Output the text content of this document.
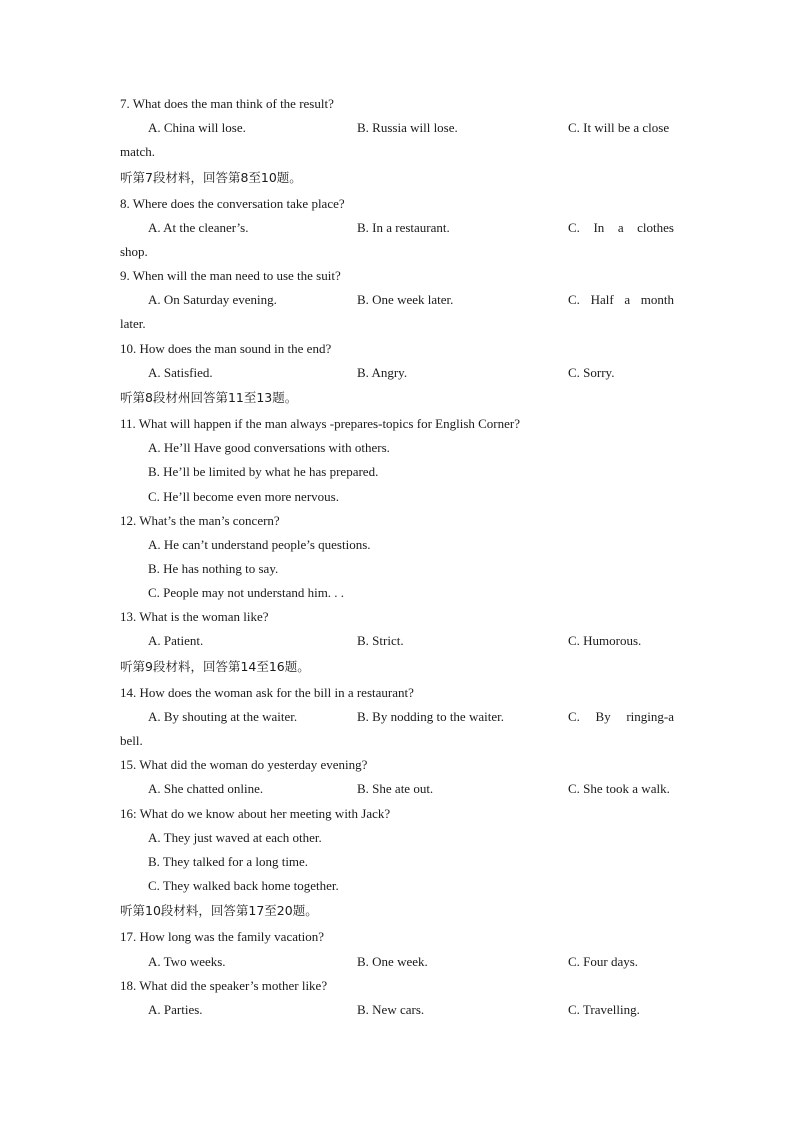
7. What does the man think of the result?
A. China will lose.	B. Russia will lose.	C. It will be a close
match.
听第7段材料，回答第8至10题。
8. Where does the conversation take place?
A. At the cleaner’s.	B. In a restaurant.	C. In a clothes
shop.
9. When will the man need to use the suit?
A. On Saturday evening.	B. One week later.	C. Half a month
later.
10. How does the man sound in the end?
A. Satisfied.	B. Angry.	C. Sorry.
听第8段材州回答第11至13题。
11. What will happen if the man always -prepares-topics for English Corner?
A. He’ll Have good conversations with others.
B. He’ll be limited by what he has prepared.
C. He’ll become even more nervous.
12. What’s the man’s concern?
A. He can’t understand people’s questions.
B. He has nothing to say.
C. People may not understand him. . .
13. What is the woman like?
A. Patient.	B. Strict.	C. Humorous.
听第9段材料，回答第14至16题。
14. How does the woman ask for the bill in a restaurant?
A. By shouting at the waiter.	B. By nodding to the waiter.	C. By ringing-a
bell.
15. What did the woman do yesterday evening?
A. She chatted online.	B. She ate out.	C. She took a walk.
16: What do we know about her meeting with Jack?
A. They just waved at each other.
B. They talked for a long time.
C. They walked back home together.
听第10段材料，回答第17至20题。
17. How long was the family vacation?
A. Two weeks.	B. One week.	C. Four days.
18. What did the speaker’s mother like?
A. Parties.	B. New cars.	C. Travelling.
